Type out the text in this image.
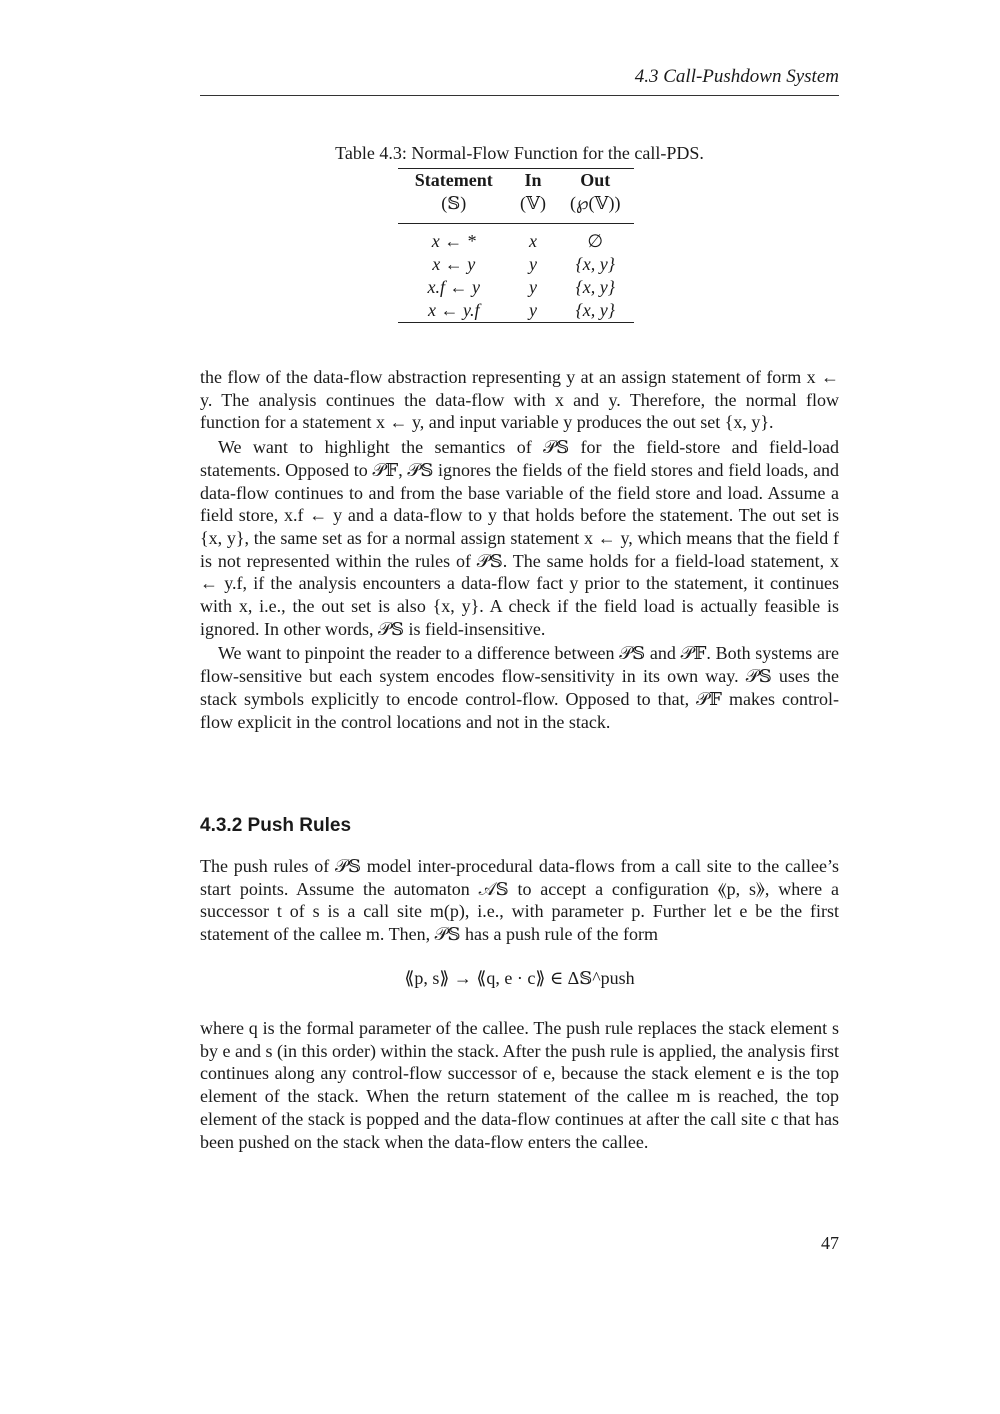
4.3 Call-Pushdown System
Table 4.3: Normal-Flow Function for the call-PDS.
Statement	In	Out
(𝕊)	(𝕍)	(℘(𝕍))

x ← *	x	∅
x ← y	y	{x, y}
x.f ← y	y	{x, y}
x ← y.f	y	{x, y}

the flow of the data-flow abstraction representing y at an assign statement of form x ← y. The analysis continues the data-flow with x and y. Therefore, the normal flow function for a statement x ← y, and input variable y produces the out set {x, y}.

We want to highlight the semantics of 𝒫𝕊 for the field-store and field-load statements. Opposed to 𝒫𝔽, 𝒫𝕊 ignores the fields of the field stores and field loads, and data-flow continues to and from the base variable of the field store and load. Assume a field store, x.f ← y and a data-flow to y that holds before the statement. The out set is {x, y}, the same set as for a normal assign statement x ← y, which means that the field f is not represented within the rules of 𝒫𝕊. The same holds for a field-load statement, x ← y.f, if the analysis encounters a data-flow fact y prior to the statement, it continues with x, i.e., the out set is also {x, y}. A check if the field load is actually feasible is ignored. In other words, 𝒫𝕊 is field-insensitive.

We want to pinpoint the reader to a difference between 𝒫𝕊 and 𝒫𝔽. Both systems are flow-sensitive but each system encodes flow-sensitivity in its own way. 𝒫𝕊 uses the stack symbols explicitly to encode control-flow. Opposed to that, 𝒫𝔽 makes control-flow explicit in the control locations and not in the stack.

4.3.2 Push Rules

The push rules of 𝒫𝕊 model inter-procedural data-flows from a call site to the callee’s start points. Assume the automaton 𝒜𝕊 to accept a configuration ⟪p, s⟫, where a successor t of s is a call site m(p), i.e., with parameter p. Further let e be the first statement of the callee m. Then, 𝒫𝕊 has a push rule of the form

⟪p, s⟫ → ⟪q, e · c⟫ ∈ Δ𝕊^push

where q is the formal parameter of the callee. The push rule replaces the stack element s by e and s (in this order) within the stack. After the push rule is applied, the analysis first continues along any control-flow successor of e, because the stack element e is the top element of the stack. When the return statement of the callee m is reached, the top element of the stack is popped and the data-flow continues at after the call site c that has been pushed on the stack when the data-flow enters the callee.

47
